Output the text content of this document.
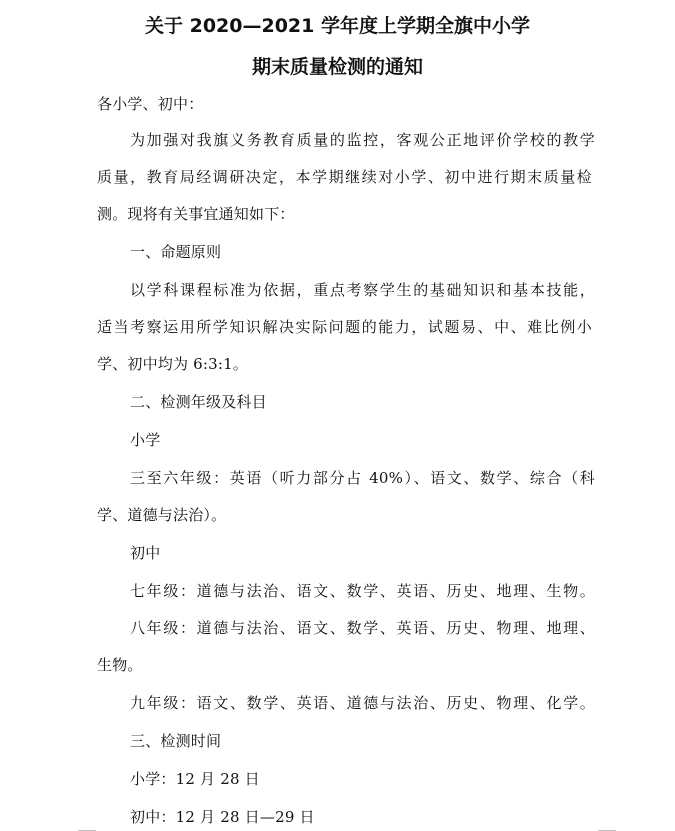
关于 2020—2021 学年度上学期全旗中小学
期末质量检测的通知
各小学、初中：
为加强对我旗义务教育质量的监控，客观公正地评价学校的教学
质量，教育局经调研决定，本学期继续对小学、初中进行期末质量检
测。现将有关事宜通知如下：
一、命题原则
以学科课程标准为依据，重点考察学生的基础知识和基本技能，
适当考察运用所学知识解决实际问题的能力，试题易、中、难比例小
学、初中均为 6:3:1。
二、检测年级及科目
小学
三至六年级：英语（听力部分占 40%）、语文、数学、综合（科
学、道德与法治）。
初中
七年级：道德与法治、语文、数学、英语、历史、地理、生物。
八年级：道德与法治、语文、数学、英语、历史、物理、地理、
生物。
九年级：语文、数学、英语、道德与法治、历史、物理、化学。
三、检测时间
小学：12 月 28 日
初中：12 月 28 日—29 日
